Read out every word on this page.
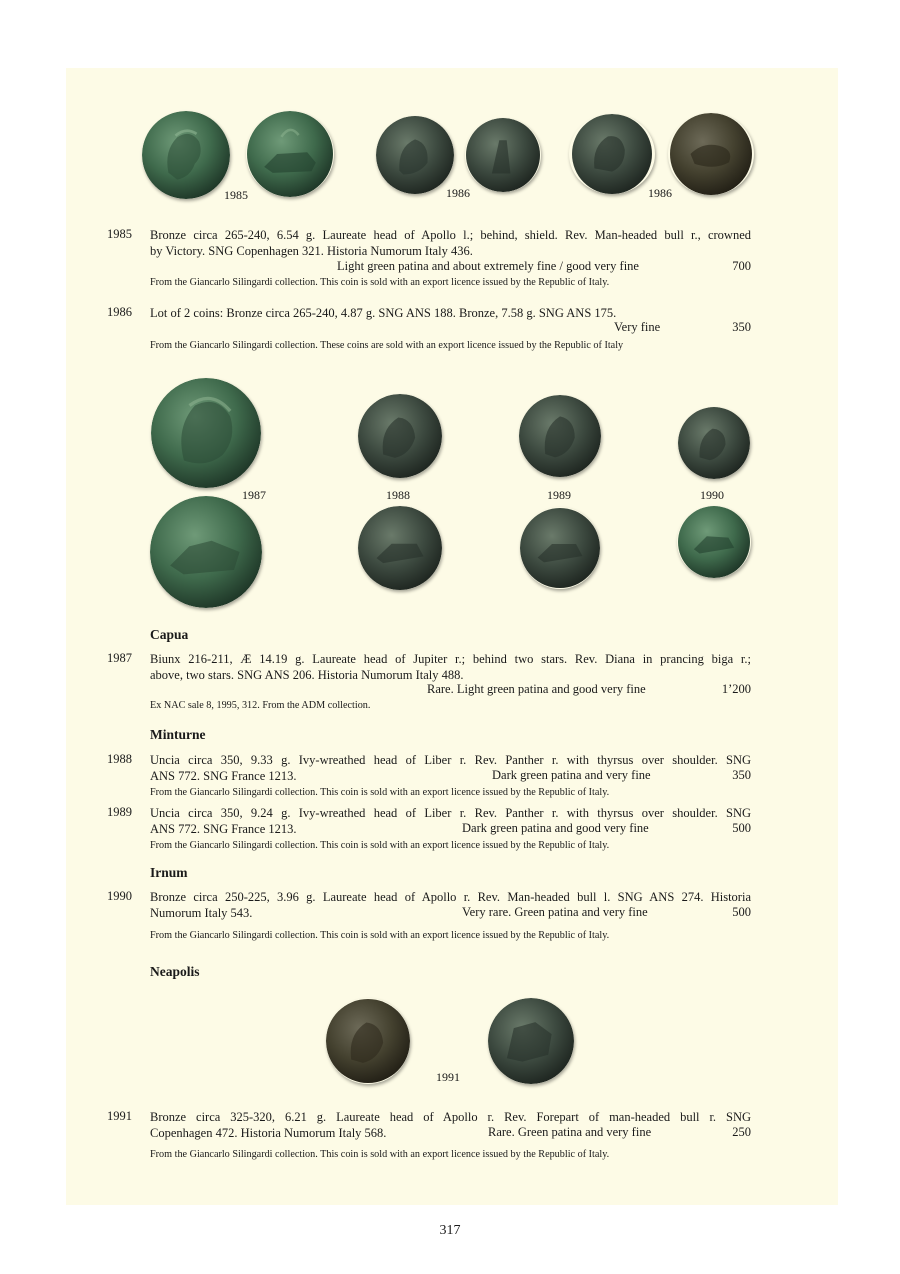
1985	1986	1986
1985 Bronze circa 265-240, 6.54 g. Laureate head of Apollo l.; behind, shield. Rev. Man-headed bull r., crowned
by Victory. SNG Copenhagen 321. Historia Numorum Italy 436.
Light green patina and about extremely fine / good very fine	700
From the Giancarlo Silingardi collection. This coin is sold with an export licence issued by the Republic of Italy.
1986 Lot of 2 coins: Bronze circa 265-240, 4.87 g. SNG ANS 188. Bronze, 7.58 g. SNG ANS 175.
Very fine	350
From the Giancarlo Silingardi collection. These coins are sold with an export licence issued by the Republic of Italy
1987	1988	1989	1990
Capua
1987 Biunx 216-211, Æ 14.19 g. Laureate head of Jupiter r.; behind two stars. Rev. Diana in prancing biga r.;
above, two stars. SNG ANS 206. Historia Numorum Italy 488.
Rare. Light green patina and good very fine	1’200
Ex NAC sale 8, 1995, 312. From the ADM collection.
Minturne
1988 Uncia circa 350, 9.33 g. Ivy-wreathed head of Liber r. Rev. Panther r. with thyrsus over shoulder. SNG
ANS 772. SNG France 1213.	Dark green patina and very fine	350
From the Giancarlo Silingardi collection. This coin is sold with an export licence issued by the Republic of Italy.
1989 Uncia circa 350, 9.24 g. Ivy-wreathed head of Liber r. Rev. Panther r. with thyrsus over shoulder. SNG
ANS 772. SNG France 1213.	Dark green patina and good very fine	500
From the Giancarlo Silingardi collection. This coin is sold with an export licence issued by the Republic of Italy.
Irnum
1990 Bronze circa 250-225, 3.96 g. Laureate head of Apollo r. Rev. Man-headed bull l. SNG ANS 274. Historia
Numorum Italy 543.	Very rare. Green patina and very fine	500
From the Giancarlo Silingardi collection. This coin is sold with an export licence issued by the Republic of Italy.
Neapolis
1991
1991 Bronze circa 325-320, 6.21 g. Laureate head of Apollo r. Rev. Forepart of man-headed bull r. SNG
Copenhagen 472. Historia Numorum Italy 568.	Rare. Green patina and very fine	250
From the Giancarlo Silingardi collection. This coin is sold with an export licence issued by the Republic of Italy.
317
